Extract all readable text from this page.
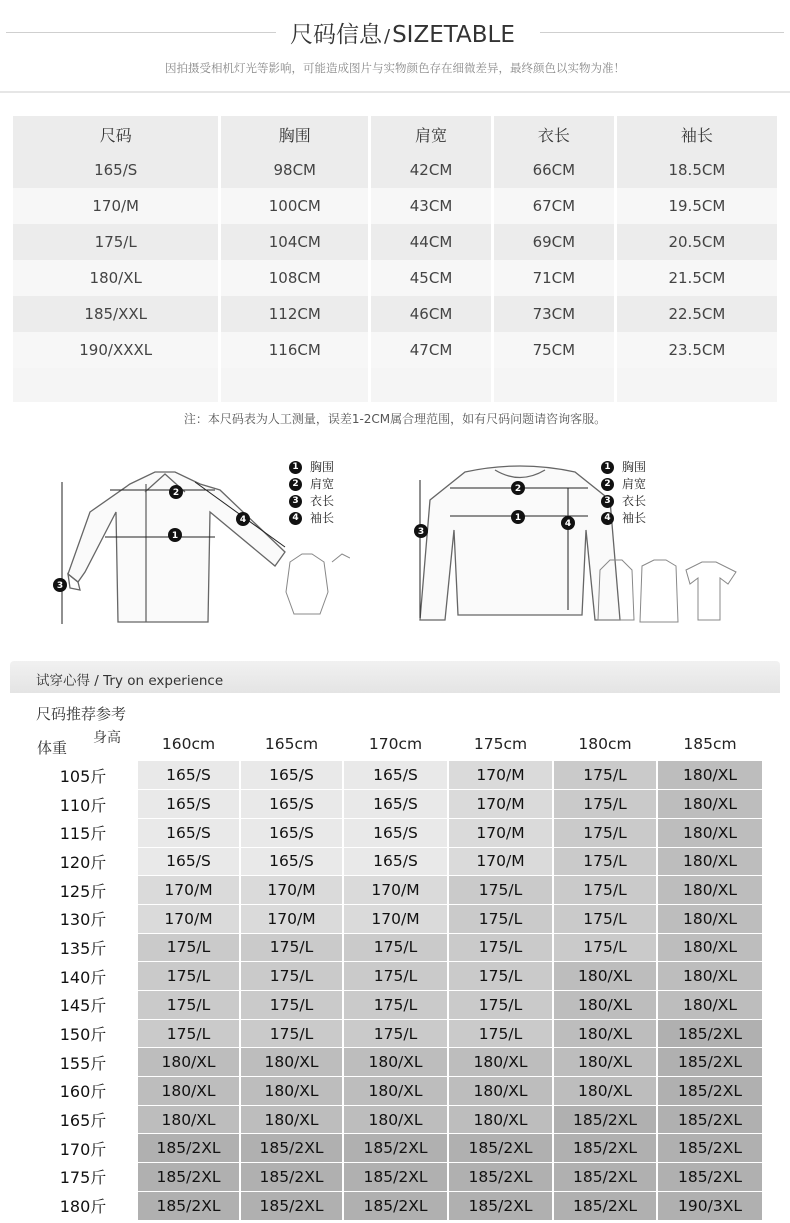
尺码信息 /SIZETABLE
因拍摄受相机灯光等影响，可能造成图片与实物颜色存在细微差异，最终颜色以实物为准！
尺码	胸围	肩宽	衣长	袖长
165/S	98CM	42CM	66CM	18.5CM
170/M	100CM	43CM	67CM	19.5CM
175/L	104CM	44CM	69CM	20.5CM
180/XL	108CM	45CM	71CM	21.5CM
185/XXL	112CM	46CM	73CM	22.5CM
190/XXXL	116CM	47CM	75CM	23.5CM

注：本尺码表为人工测量，误差1-2CM属合理范围，如有尺码问题请咨询客服。
2
1
3
4
1 胸围
2 肩宽
3 衣长
4 袖长
2
1
3
4
1 胸围
2 肩宽
3 衣长
4 袖长
试穿心得 / Try on experience
尺码推荐参考
	160cm	165cm	170cm	175cm	180cm	185cm
105斤	165/S	165/S	165/S	170/M	175/L	180/XL
110斤	165/S	165/S	165/S	170/M	175/L	180/XL
115斤	165/S	165/S	165/S	170/M	175/L	180/XL
120斤	165/S	165/S	165/S	170/M	175/L	180/XL
125斤	170/M	170/M	170/M	175/L	175/L	180/XL
130斤	170/M	170/M	170/M	175/L	175/L	180/XL
135斤	175/L	175/L	175/L	175/L	175/L	180/XL
140斤	175/L	175/L	175/L	175/L	180/XL	180/XL
145斤	175/L	175/L	175/L	175/L	180/XL	180/XL
150斤	175/L	175/L	175/L	175/L	180/XL	185/2XL
155斤	180/XL	180/XL	180/XL	180/XL	180/XL	185/2XL
160斤	180/XL	180/XL	180/XL	180/XL	180/XL	185/2XL
165斤	180/XL	180/XL	180/XL	180/XL	185/2XL	185/2XL
170斤	185/2XL	185/2XL	185/2XL	185/2XL	185/2XL	185/2XL
175斤	185/2XL	185/2XL	185/2XL	185/2XL	185/2XL	185/2XL
180斤	185/2XL	185/2XL	185/2XL	185/2XL	185/2XL	190/3XL
体重
身高
